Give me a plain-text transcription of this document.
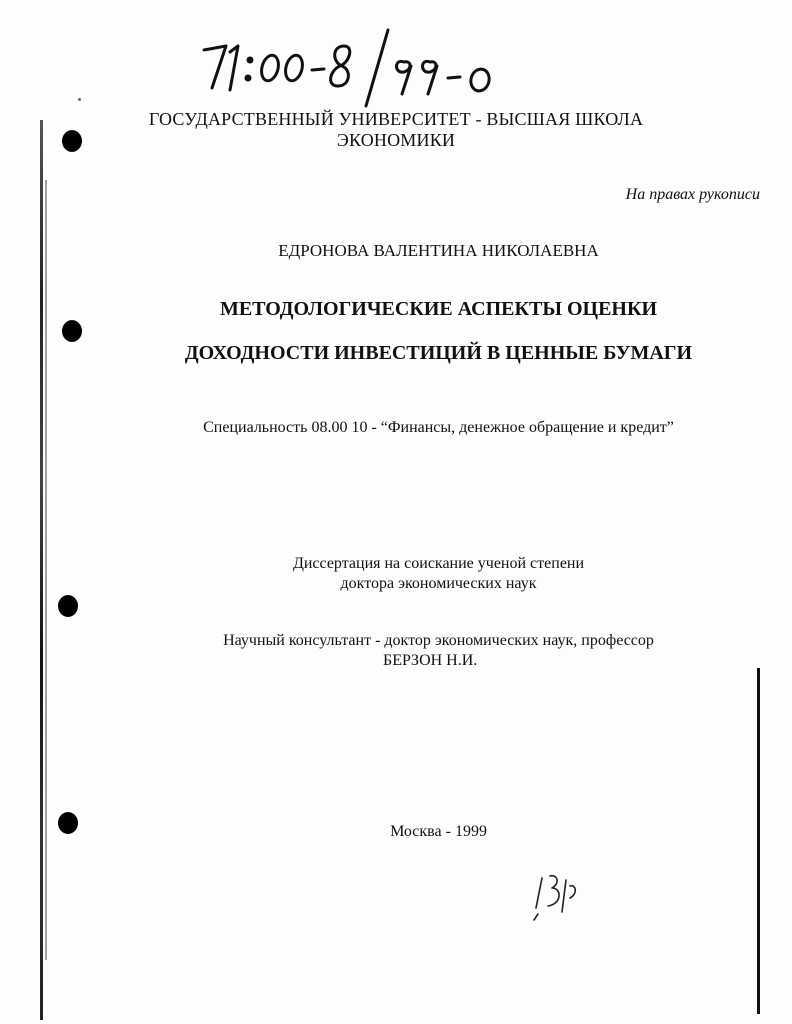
ГОСУДАРСТВЕННЫЙ УНИВЕРСИТЕТ - ВЫСШАЯ ШКОЛА
ЭКОНОМИКИ
На правах рукописи
ЕДРОНОВА ВАЛЕНТИНА НИКОЛАЕВНА
МЕТОДОЛОГИЧЕСКИЕ АСПЕКТЫ ОЦЕНКИ
ДОХОДНОСТИ ИНВЕСТИЦИЙ В ЦЕННЫЕ БУМАГИ
Специальность 08.00 10 - “Финансы, денежное обращение и кредит”
Диссертация на соискание ученой степени
доктора экономических наук
Научный консультант - доктор экономических наук, профессор
БЕРЗОН Н.И.
Москва - 1999
